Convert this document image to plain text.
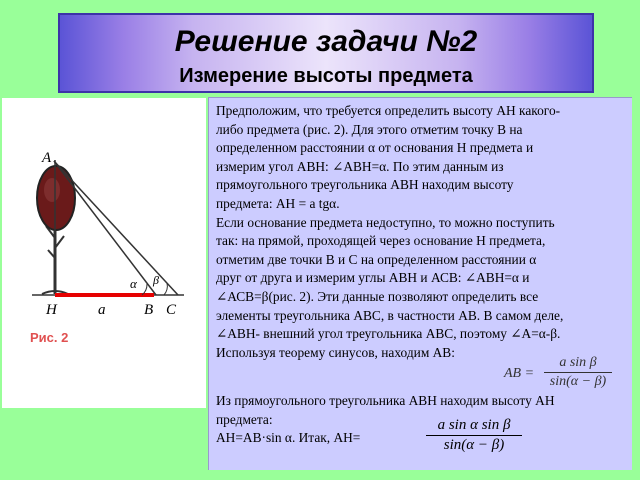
Решение задачи №2
Измерение высоты предмета
A
H	a	B C
α β
Рис. 2
Предположим, что требуется определить высоту АН какого-
либо предмета (рис. 2). Для этого отметим точку В на
определенном расстоянии α от основания Н предмета и
измерим угол АВН: ∠АВН=α. По этим данным из
прямоугольного треугольника АВН находим высоту
предмета: АН = a tgα.
Если основание предмета недоступно, то можно поступить
так: на прямой, проходящей через основание Н предмета,
отметим две точки В и С на определенном расстоянии α
друг от друга и измерим углы АВН и АСВ: ∠АВН=α и
∠АСВ=β(рис. 2). Эти данные позволяют определить все
элементы треугольника АВС, в частности АВ. В самом деле,
∠АВН- внешний угол треугольника АВС, поэтому ∠А=α-β.
Используя теорему синусов, находим АВ:
AB =
a sin β
sin(α − β)
Из прямоугольного треугольника АВН находим высоту АН
предмета:
АН=АВ·sin α. Итак, АН=
a sin α sin β
sin(α − β)
